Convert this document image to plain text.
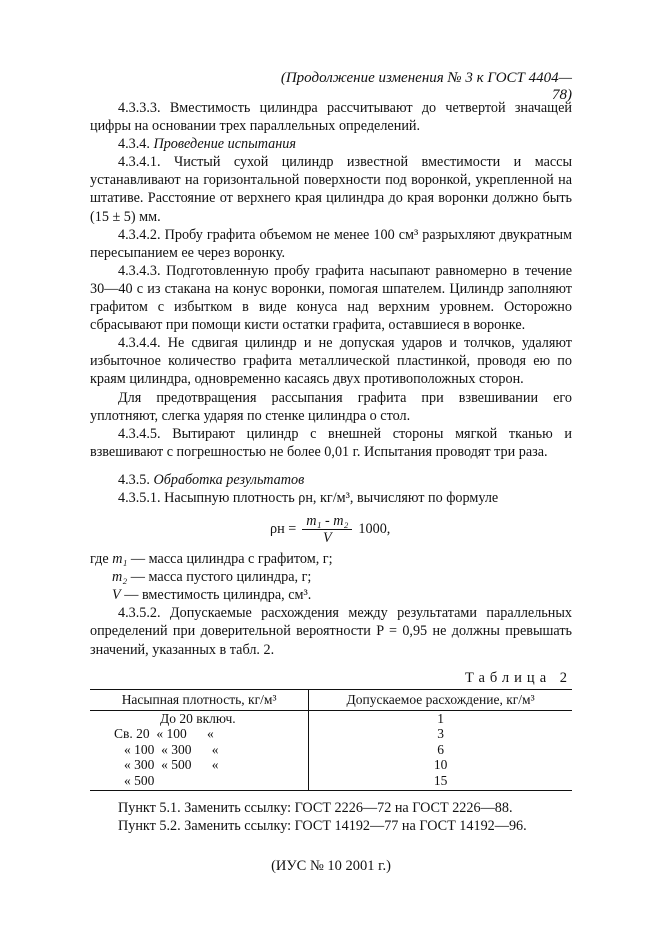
(Продолжение изменения № 3 к ГОСТ 4404—78)

4.3.3.3. Вместимость цилиндра рассчитывают до четвертой значащей цифры на основании трех параллельных определений.

4.3.4. Проведение испытания

4.3.4.1. Чистый сухой цилиндр известной вместимости и массы устанавливают на горизонтальной поверхности под воронкой, укрепленной на штативе. Расстояние от верхнего края цилиндра до края воронки должно быть (15 ± 5) мм.

4.3.4.2. Пробу графита объемом не менее 100 см³ разрыхляют двукратным пересыпанием ее через воронку.

4.3.4.3. Подготовленную пробу графита насыпают равномерно в течение 30—40 с из стакана на конус воронки, помогая шпателем. Цилиндр заполняют графитом с избытком в виде конуса над верхним уровнем. Осторожно сбрасывают при помощи кисти остатки графита, оставшиеся в воронке.

4.3.4.4. Не сдвигая цилиндр и не допуская ударов и толчков, удаляют избыточное количество графита металлической пластинкой, проводя ею по краям цилиндра, одновременно касаясь двух противоположных сторон.

Для предотвращения рассыпания графита при взвешивании его уплотняют, слегка ударяя по стенке цилиндра о стол.

4.3.4.5. Вытирают цилиндр с внешней стороны мягкой тканью и взвешивают с погрешностью не более 0,01 г. Испытания проводят три раза.

4.3.5. Обработка результатов

4.3.5.1. Насыпную плотность ρн, кг/м³, вычисляют по формуле

$\rho н = \frac{\text{m₁ - m₂}}{V} 1000$,
где
m₁
— масса цилиндра с графитом, г;
m₂
— масса пустого цилиндра, г;
V
— вместимость цилиндра, см³.

4.3.5.2. Допускаемые расхождения между результатами параллельных определений при доверительной вероятности P = 0,95 не должны превышать значений, указанных в табл. 2.

Таблица 2
Насыпная плотность, кг/м³	Допускаемое расхождение, кг/м³
До 20 включ.	1
Св. 20  « 100      «	3
« 100  « 300      «	6
« 300  « 500      «	10
« 500	15

Пункт 5.1. Заменить ссылку: ГОСТ 2226—72 на ГОСТ 2226—88.

Пункт 5.2. Заменить ссылку: ГОСТ 14192—77 на ГОСТ 14192—96.

(ИУС № 10 2001 г.)
